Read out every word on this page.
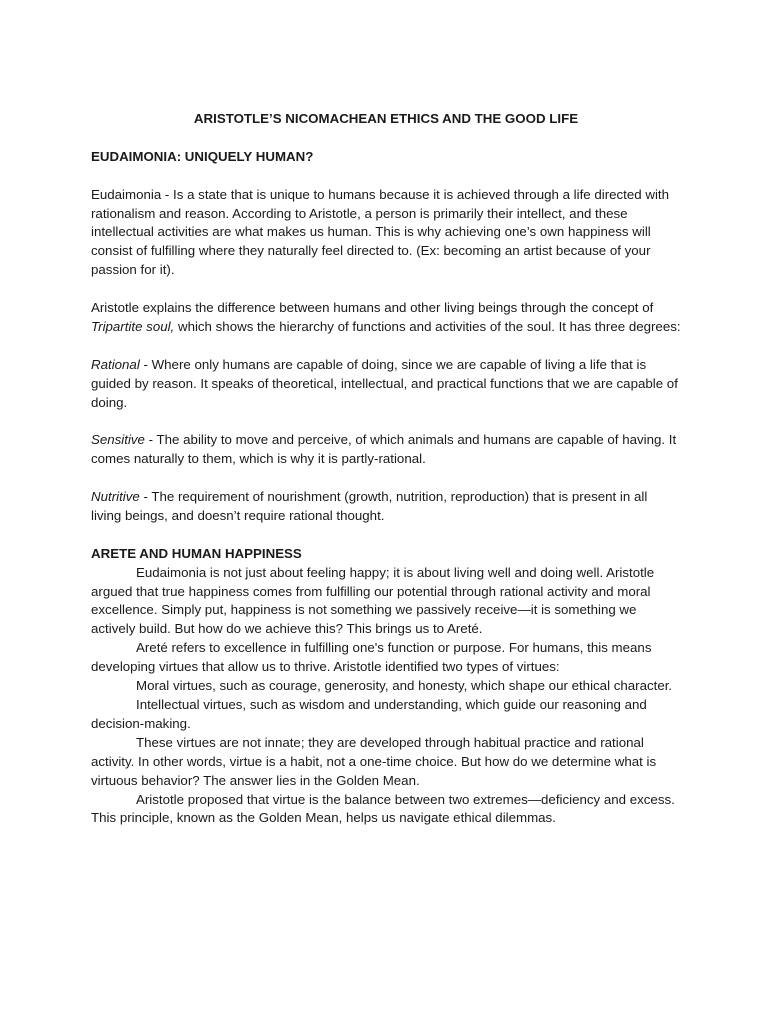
ARISTOTLE’S NICOMACHEAN ETHICS AND THE GOOD LIFE

EUDAIMONIA: UNIQUELY HUMAN?

Eudaimonia - Is a state that is unique to humans because it is achieved through a life directed with rationalism and reason. According to Aristotle, a person is primarily their intellect, and these intellectual activities are what makes us human. This is why achieving one’s own happiness will consist of fulfilling where they naturally feel directed to. (Ex: becoming an artist because of your passion for it).

Aristotle explains the difference between humans and other living beings through the concept of Tripartite soul, which shows the hierarchy of functions and activities of the soul. It has three degrees:

Rational - Where only humans are capable of doing, since we are capable of living a life that is guided by reason. It speaks of theoretical, intellectual, and practical functions that we are capable of doing.

Sensitive - The ability to move and perceive, of which animals and humans are capable of having. It comes naturally to them, which is why it is partly-rational.

Nutritive - The requirement of nourishment (growth, nutrition, reproduction) that is present in all living beings, and doesn’t require rational thought.

ARETE AND HUMAN HAPPINESS

Eudaimonia is not just about feeling happy; it is about living well and doing well. Aristotle argued that true happiness comes from fulfilling our potential through rational activity and moral excellence. Simply put, happiness is not something we passively receive—it is something we actively build. But how do we achieve this? This brings us to Areté.

Areté refers to excellence in fulfilling one's function or purpose. For humans, this means developing virtues that allow us to thrive. Aristotle identified two types of virtues:

Moral virtues, such as courage, generosity, and honesty, which shape our ethical character.

Intellectual virtues, such as wisdom and understanding, which guide our reasoning and decision-making.

These virtues are not innate; they are developed through habitual practice and rational activity. In other words, virtue is a habit, not a one-time choice. But how do we determine what is virtuous behavior? The answer lies in the Golden Mean.

Aristotle proposed that virtue is the balance between two extremes—deficiency and excess. This principle, known as the Golden Mean, helps us navigate ethical dilemmas.
